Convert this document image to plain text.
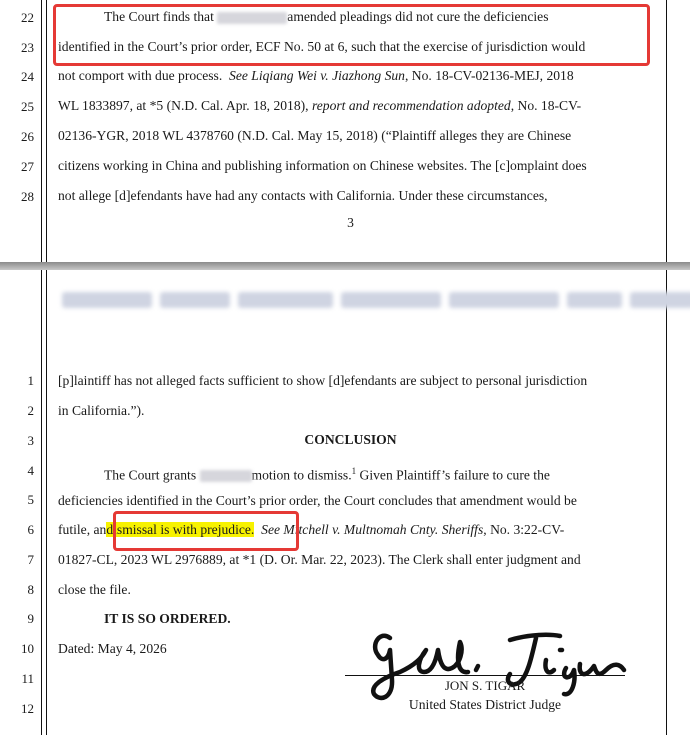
22
23
24
25
26
27
28
The Court finds that	amended pleadings did not cure the deficiencies
identified in the Court’s prior order, ECF No. 50 at 6, such that the exercise of jurisdiction would
not comport with due process. See Liqiang Wei v. Jiazhong Sun, No. 18-CV-02136-MEJ, 2018
WL 1833897, at *5 (N.D. Cal. Apr. 18, 2018), report and recommendation adopted, No. 18-CV-
02136-YGR, 2018 WL 4378760 (N.D. Cal. May 15, 2018) (“Plaintiff alleges they are Chinese
citizens working in China and publishing information on Chinese websites. The [c]omplaint does
not allege [d]efendants have had any contacts with California. Under these circumstances,
3
1
2
3
4
5
6
7
8
9
10
11
12
[p]laintiff has not alleged facts sufficient to show [d]efendants are subject to personal jurisdiction
in California.”).
CONCLUSION
The Court grants	motion to dismiss.$^1$ Given Plaintiff’s failure to cure the
deficiencies identified in the Court’s prior order, the Court concludes that amendment would be
futile, andismissal is with prejudice. See Mitchell v. Multnomah Cnty. Sheriffs, No. 3:22-CV-
01827-CL, 2023 WL 2976889, at *1 (D. Or. Mar. 22, 2023). The Clerk shall enter judgment and
close the file.
IT IS SO ORDERED.
Dated: May 4, 2026
JON S. TIGAR
United States District Judge
